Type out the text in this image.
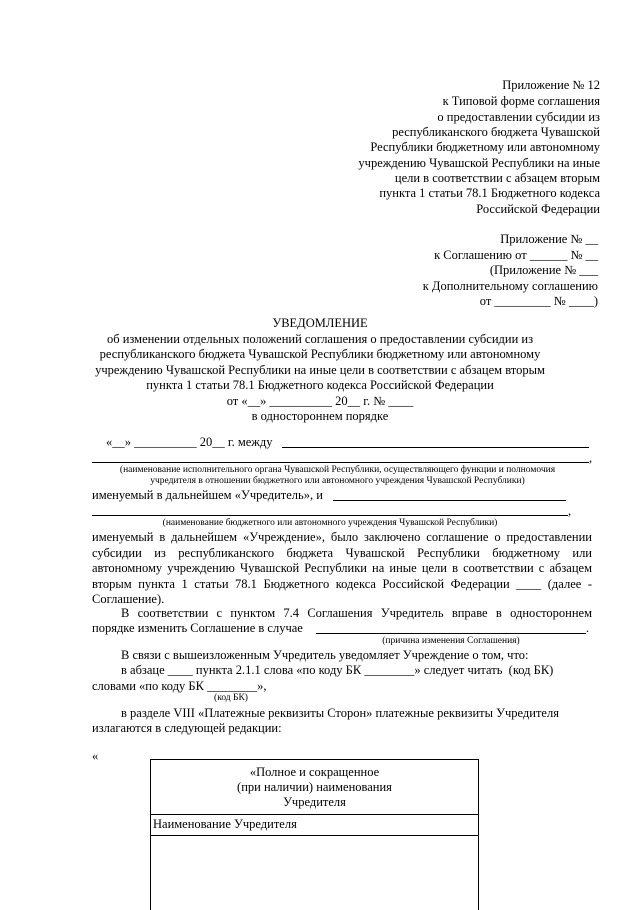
Приложение № 12
к Типовой форме соглашения
о предоставлении субсидии из
республиканского бюджета Чувашской
Республики бюджетному или автономному
учреждению Чувашской Республики на иные
цели в соответствии с абзацем вторым
пункта 1 статьи 78.1 Бюджетного кодекса
Российской Федерации
Приложение № __
к Соглашению от ______ № __
(Приложение № ___
к Дополнительному соглашению
от _________ № ____)
УВЕДОМЛЕНИЕ
об изменении отдельных положений соглашения о предоставлении субсидии из
республиканского бюджета Чувашской Республики бюджетному или автономному
учреждению Чувашской Республики на иные цели в соответствии с абзацем вторым
пункта 1 статьи 78.1 Бюджетного кодекса Российской Федерации
от «__» __________ 20__ г. № ____
в одностороннем порядке
«__» __________ 20__ г. между
,
(наименование исполнительного органа Чувашской Республики, осуществляющего функции и полномочия
учредителя в отношении бюджетного или автономного учреждения Чувашской Республики)
именуемый в дальнейшем «Учредитель», и
,
(наименование бюджетного или автономного учреждения Чувашской Республики)
именуемый в дальнейшем «Учреждение», было заключено соглашение о предоставлении
субсидии из республиканского бюджета Чувашской Республики бюджетному или
автономному учреждению Чувашской Республики на иные цели в соответствии с абзацем
вторым пункта 1 статьи 78.1 Бюджетного кодекса Российской Федерации ____ (далее -
Соглашение).
В соответствии с пунктом 7.4 Соглашения Учредитель вправе в одностороннем
порядке изменить Соглашение в случае	.
(причина изменения Соглашения)
В связи с вышеизложенным Учредитель уведомляет Учреждение о том, что:
в абзаце ____ пункта 2.1.1 слова «по коду БК ________» следует читать  (код БК)
словами «по коду БК ________»,
(код БК)
в разделе VIII «Платежные реквизиты Сторон» платежные реквизиты Учредителя
излагаются в следующей редакции:
«
«Полное и сокращенное
(при наличии) наименования
Учредителя
Наименование Учредителя
